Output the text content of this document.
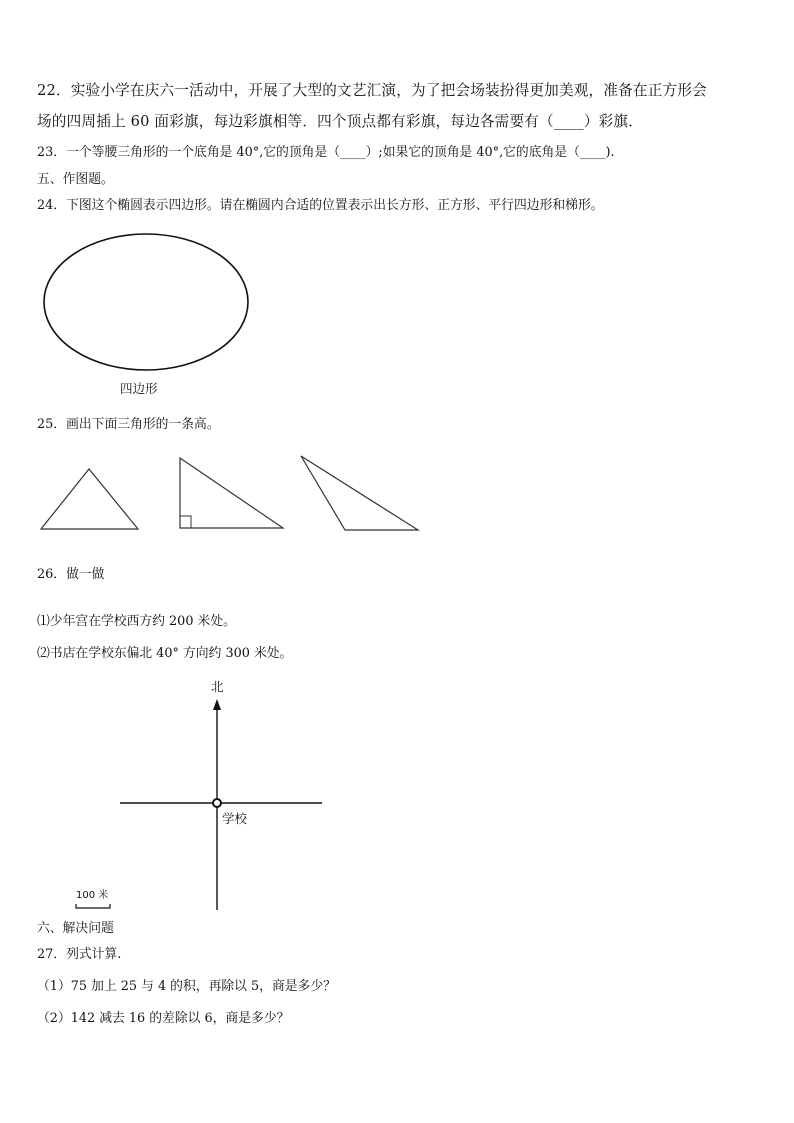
22．实验小学在庆六一活动中，开展了大型的文艺汇演，为了把会场装扮得更加美观，准备在正方形会
场的四周插上 60 面彩旗，每边彩旗相等．四个顶点都有彩旗，每边各需要有（____）彩旗．
23．一个等腰三角形的一个底角是 40°,它的顶角是（____）;如果它的顶角是 40°,它的底角是（____).
五、作图题。
24．下图这个椭圆表示四边形。请在椭圆内合适的位置表示出长方形、正方形、平行四边形和梯形。
四边形
25．画出下面三角形的一条高。
26．做一做
⑴少年宫在学校西方约 200 米处。
⑵书店在学校东偏北 40° 方向约 300 米处。
北
学校
100 米
六、解决问题
27．列式计算.
（1）75 加上 25 与 4 的积，再除以 5，商是多少？
（2）142 减去 16 的差除以 6，商是多少？
